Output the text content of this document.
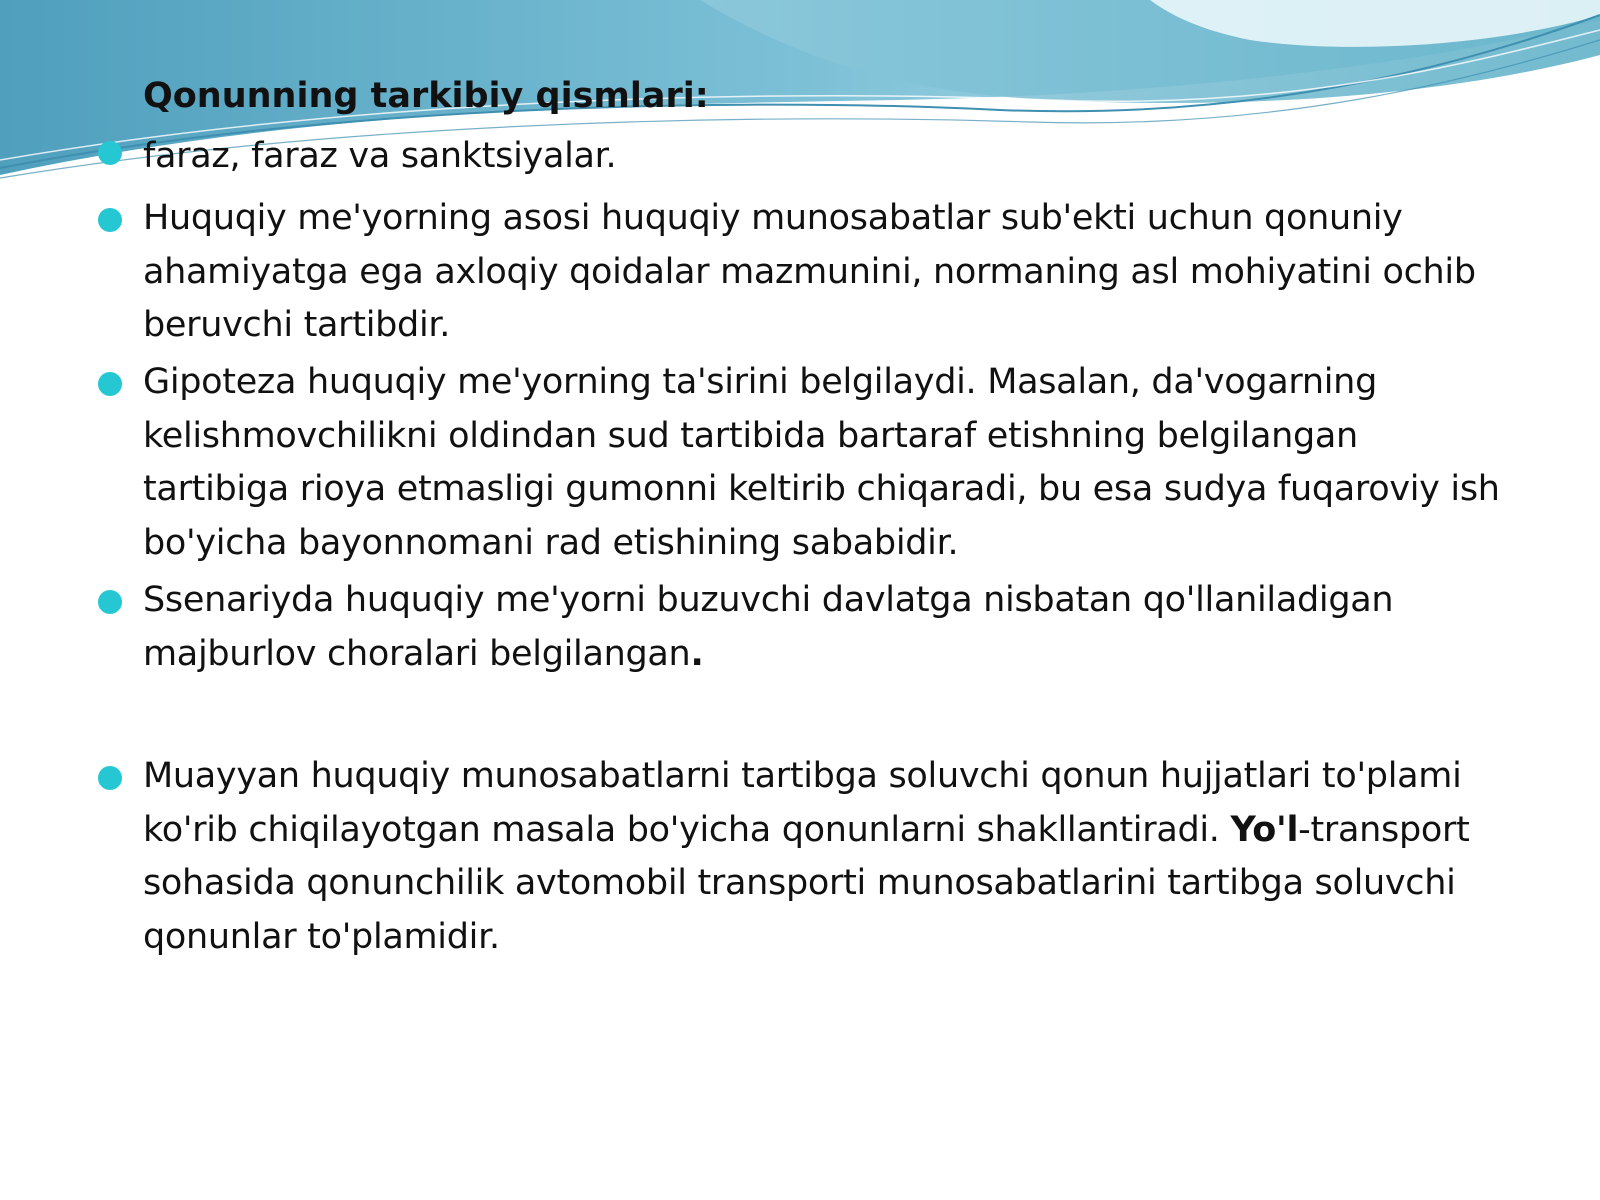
Qonunning tarkibiy qismlari:
faraz, faraz va sanktsiyalar.
Huquqiy me'yorning asosi huquqiy munosabatlar sub'ekti uchun qonuniy ahamiyatga ega axloqiy qoidalar mazmunini, normaning asl mohiyatini ochib beruvchi tartibdir.
Gipoteza huquqiy me'yorning ta'sirini belgilaydi. Masalan, da'vogarning kelishmovchilikni oldindan sud tartibida bartaraf etishning belgilangan tartibiga rioya etmasligi gumonni keltirib chiqaradi, bu esa sudya fuqaroviy ish bo'yicha bayonnomani rad etishining sababidir.
Ssenariyda huquqiy me'yorni buzuvchi davlatga nisbatan qo'llaniladigan majburlov choralari belgilangan.
Muayyan huquqiy munosabatlarni tartibga soluvchi qonun hujjatlari to'plami ko'rib chiqilayotgan masala bo'yicha qonunlarni shakllantiradi. Yo'l-transport sohasida qonunchilik avtomobil transporti munosabatlarini tartibga soluvchi qonunlar to'plamidir.
